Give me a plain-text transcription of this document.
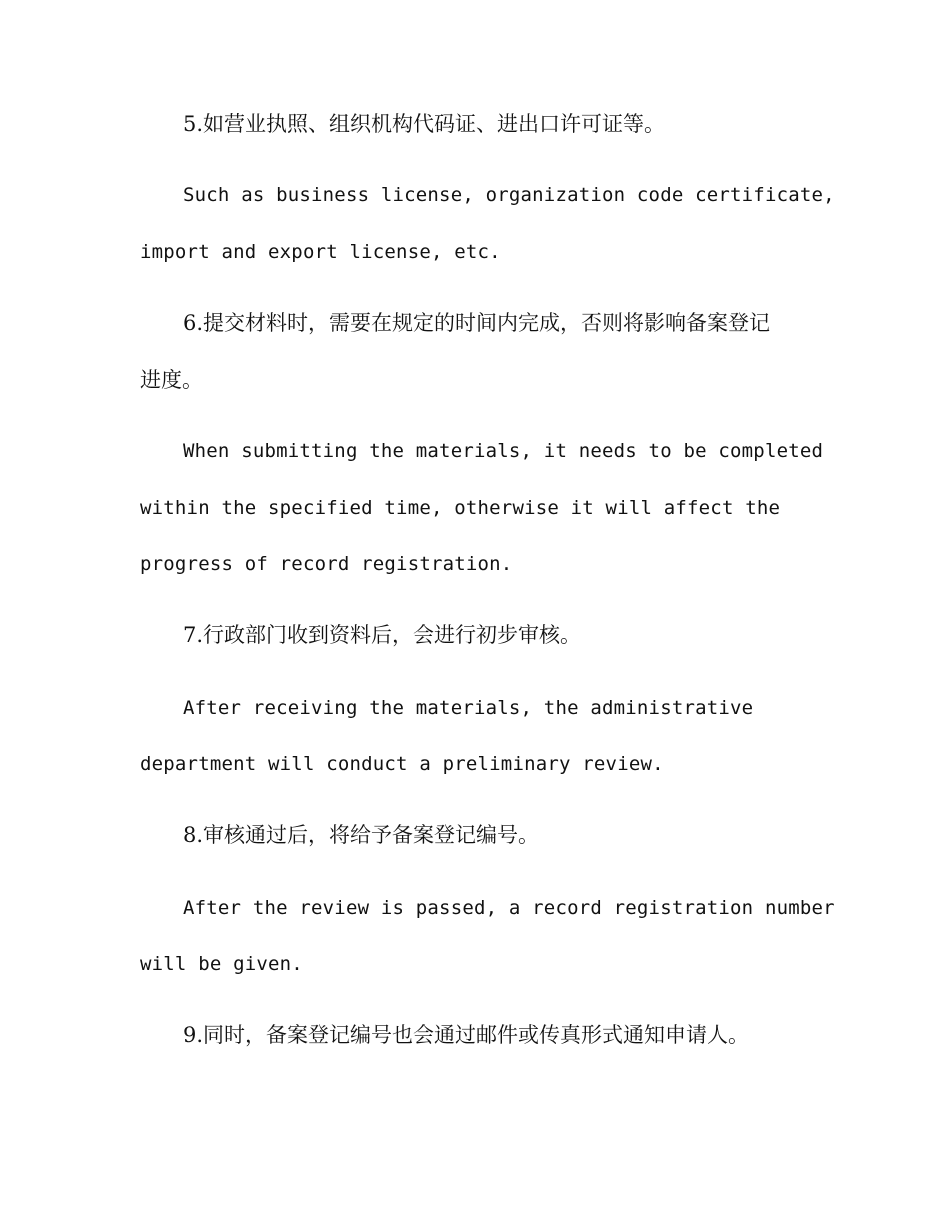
5.如营业执照、组织机构代码证、进出口许可证等。
Such as business license, organization code certificate,
import and export license, etc.
6.提交材料时，需要在规定的时间内完成，否则将影响备案登记
进度。
When submitting the materials, it needs to be completed
within the specified time, otherwise it will affect the
progress of record registration.
7.行政部门收到资料后，会进行初步审核。
After receiving the materials, the administrative
department will conduct a preliminary review.
8.审核通过后，将给予备案登记编号。
After the review is passed, a record registration number
will be given.
9.同时，备案登记编号也会通过邮件或传真形式通知申请人。
